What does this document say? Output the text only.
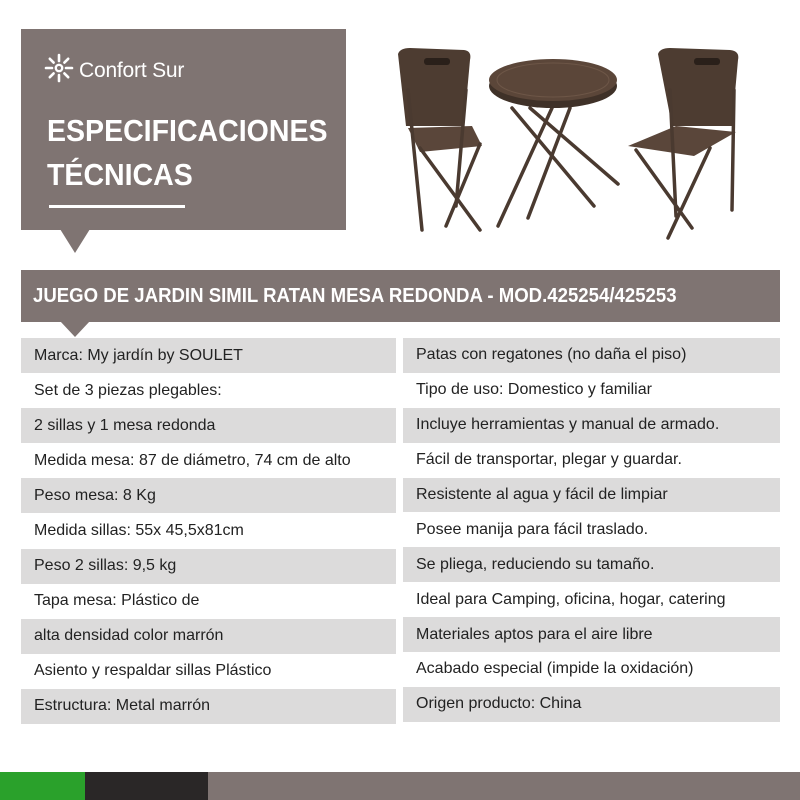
Confort Sur
ESPECIFICACIONES
TÉCNICAS
JUEGO DE JARDIN SIMIL RATAN MESA REDONDA - MOD.425254/425253
Marca: My jardín by SOULET
Set de 3 piezas plegables:
2 sillas y 1 mesa redonda
Medida mesa: 87 de diámetro, 74 cm de alto
Peso mesa: 8 Kg
Medida sillas: 55x 45,5x81cm
Peso 2 sillas: 9,5 kg
Tapa mesa: Plástico de
alta densidad color marrón
Asiento y respaldar sillas Plástico
Estructura: Metal marrón
Patas con regatones (no daña el piso)
Tipo de uso: Domestico y familiar
Incluye herramientas y manual de armado.
Fácil de transportar, plegar y guardar.
Resistente al agua y fácil de limpiar
Posee manija para fácil traslado.
Se pliega, reduciendo su tamaño.
Ideal para Camping, oficina, hogar, catering
Materiales aptos para el aire libre
Acabado especial (impide la oxidación)
Origen producto: China
